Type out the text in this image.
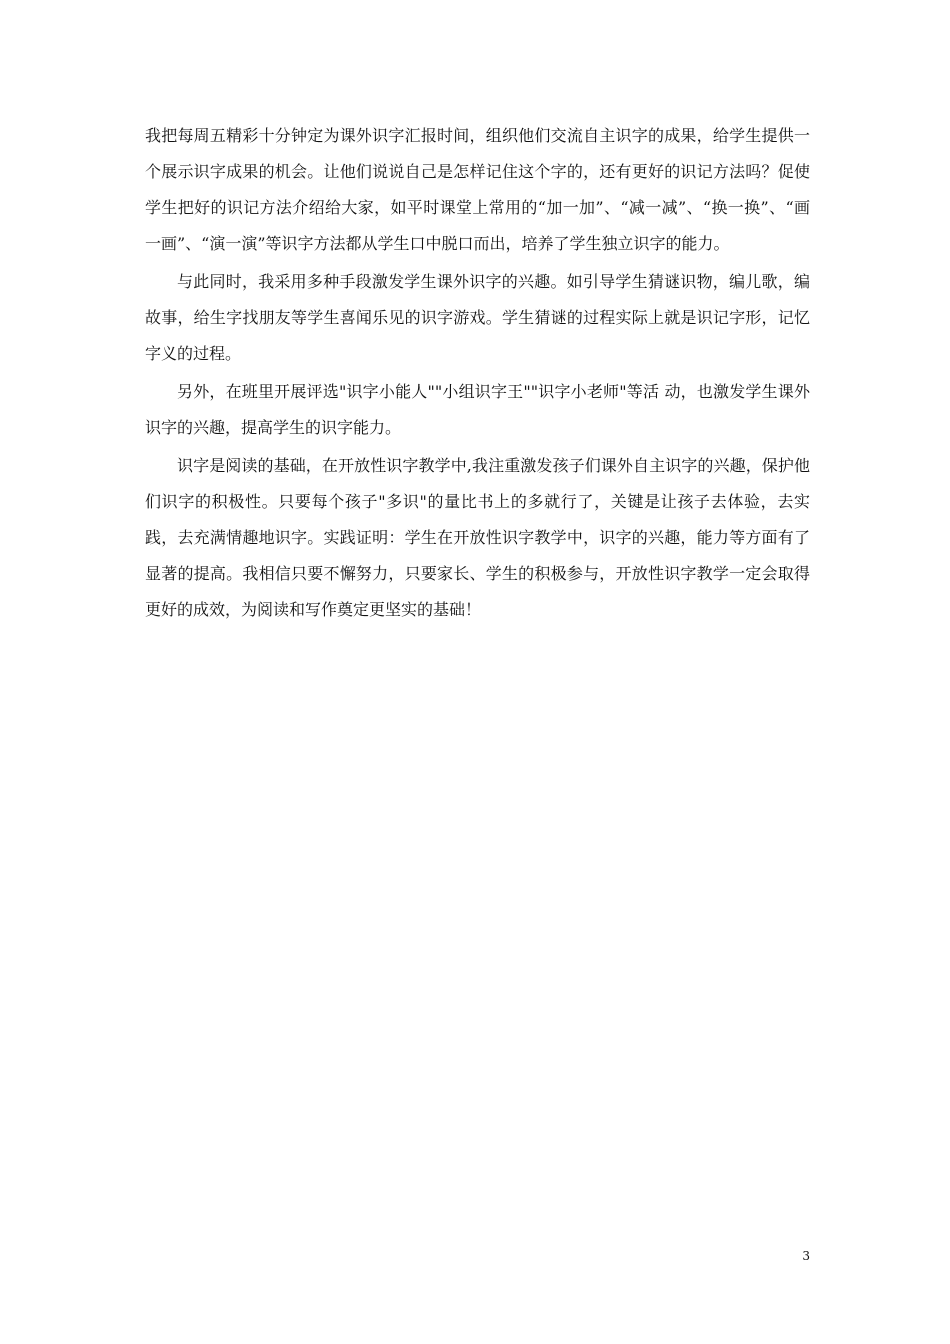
我把每周五精彩十分钟定为课外识字汇报时间，组织他们交流自主识字的成果，给学生提供一个展示识字成果的机会。让他们说说自己是怎样记住这个字的，还有更好的识记方法吗？促使学生把好的识记方法介绍给大家，如平时课堂上常用的“加一加”、“减一减”、“换一换”、“画一画”、“演一演”等识字方法都从学生口中脱口而出，培养了学生独立识字的能力。

与此同时，我采用多种手段激发学生课外识字的兴趣。如引导学生猜谜识物，编儿歌，编故事，给生字找朋友等学生喜闻乐见的识字游戏。学生猜谜的过程实际上就是识记字形，记忆字义的过程。

另外，在班里开展评选"识字小能人""小组识字王""识字小老师"等活 动，也激发学生课外识字的兴趣，提高学生的识字能力。

识字是阅读的基础，在开放性识字教学中,我注重激发孩子们课外自主识字的兴趣，保护他们识字的积极性。只要每个孩子"多识"的量比书上的多就行了，关键是让孩子去体验，去实践，去充满情趣地识字。实践证明：学生在开放性识字教学中，识字的兴趣，能力等方面有了显著的提高。我相信只要不懈努力，只要家长、学生的积极参与，开放性识字教学一定会取得更好的成效，为阅读和写作奠定更坚实的基础！

3
